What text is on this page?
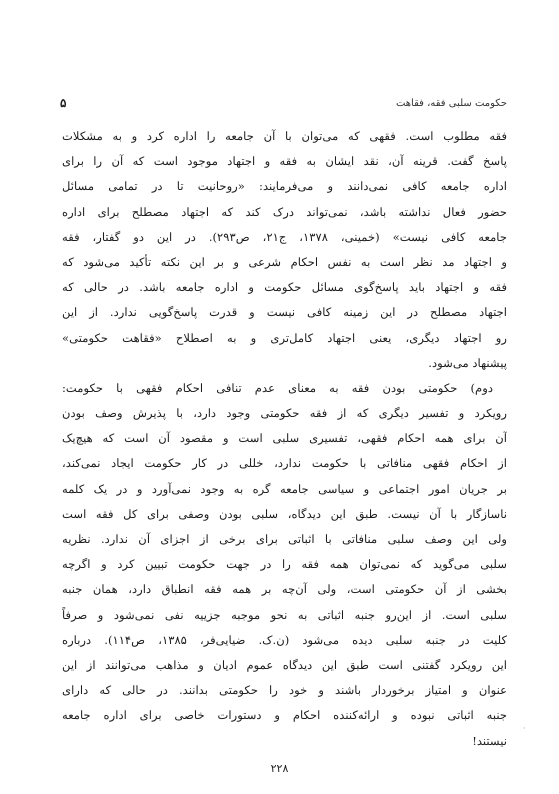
۵	حکومت سلبی فقه، فقاهت
فقه مطلوب است. فقهی که می‌توان با آن جامعه را اداره کرد و به مشکلات
پاسخ گفت. قرینه آن، نقد ایشان به فقه و اجتهاد موجود است که آن را برای
اداره جامعه کافی نمی‌دانند و می‌فرمایند: «روحانیت تا در تمامی مسائل
حضور فعال نداشته باشد، نمی‌تواند درک کند که اجتهاد مصطلح برای اداره
جامعه کافی نیست» (خمینی، ۱۳۷۸، ج۲۱، ص۲۹۳). در این دو گفتار، فقه
و اجتهاد مد نظر است به نفس احکام شرعی و بر این نکته تأکید می‌شود که
فقه و اجتهاد باید پاسخ‌گوی مسائل حکومت و اداره جامعه باشد. در حالی که
اجتهاد مصطلح در این زمینه کافی نیست و قدرت پاسخ‌گویی ندارد. از این
رو اجتهاد دیگری، یعنی اجتهاد کامل‌تری و به اصطلاح «فقاهت حکومتی»
پیشنهاد می‌شود.
دوم) حکومتی بودن فقه به معنای عدم تنافی احکام فقهی با حکومت:
رویکرد و تفسیر دیگری که از فقه حکومتی وجود دارد، با پذیرش وصف بودن
آن برای همه احکام فقهی، تفسیری سلبی است و مقصود آن است که هیچ‌یک
از احکام فقهی منافاتی با حکومت ندارد، خللی در کار حکومت ایجاد نمی‌کند،
بر جریان امور اجتماعی و سیاسی جامعه گره به وجود نمی‌آورد و در یک کلمه
ناسازگار با آن نیست. طبق این دیدگاه، سلبی بودن وصفی برای کل فقه است
ولی این وصف سلبی منافاتی با اثباتی برای برخی از اجزای آن ندارد. نظریه
سلبی می‌گوید که نمی‌توان همه فقه را در جهت حکومت تبیین کرد و اگرچه
بخشی از آن حکومتی است، ولی آن‌چه بر همه فقه انطباق دارد، همان جنبه
سلبی است. از این‌رو جنبه اثباتی به نحو موجبه جزییه نفی نمی‌شود و صرفاً
کلیت در جنبه سلبی دیده می‌شود (ن.ک. ضیایی‌فر، ۱۳۸۵، ص۱۱۴). درباره
این رویکرد گفتنی است طبق این دیدگاه عموم ادیان و مذاهب می‌توانند از این
عنوان و امتیاز برخوردار باشند و خود را حکومتی بدانند. در حالی که دارای
جنبه اثباتی نبوده و ارائه‌کننده احکام و دستورات خاصی برای اداره جامعه
نیستند!
·
۲۲۸
